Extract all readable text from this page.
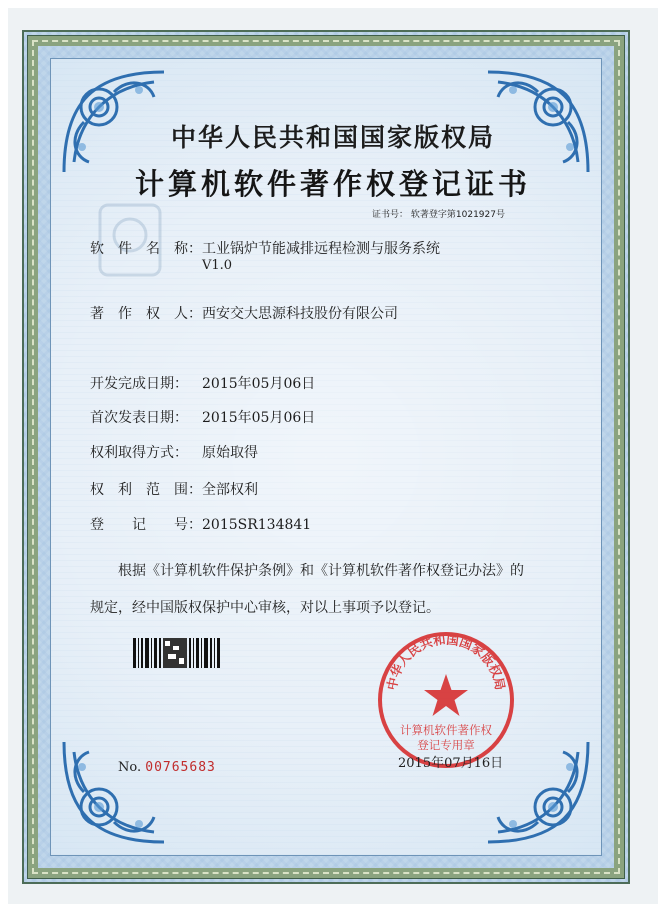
中华人民共和国国家版权局
计算机软件著作权登记证书
证书号： 软著登字第1021927号
软　件　名　称：工业锅炉节能减排远程检测与服务系统
V1.0
著　作　权　人：西安交大思源科技股份有限公司
开发完成日期： 2015年05月06日
首次发表日期： 2015年05月06日
权利取得方式： 原始取得
权　利　范　围：全部权利
登　　记　　号：2015SR134841
根据《计算机软件保护条例》和《计算机软件著作权登记办法》的
规定，经中国版权保护中心审核，对以上事项予以登记。
No. 00765683
中华人民共和国国家版权局
计算机软件著作权
登记专用章
2015年07月16日
